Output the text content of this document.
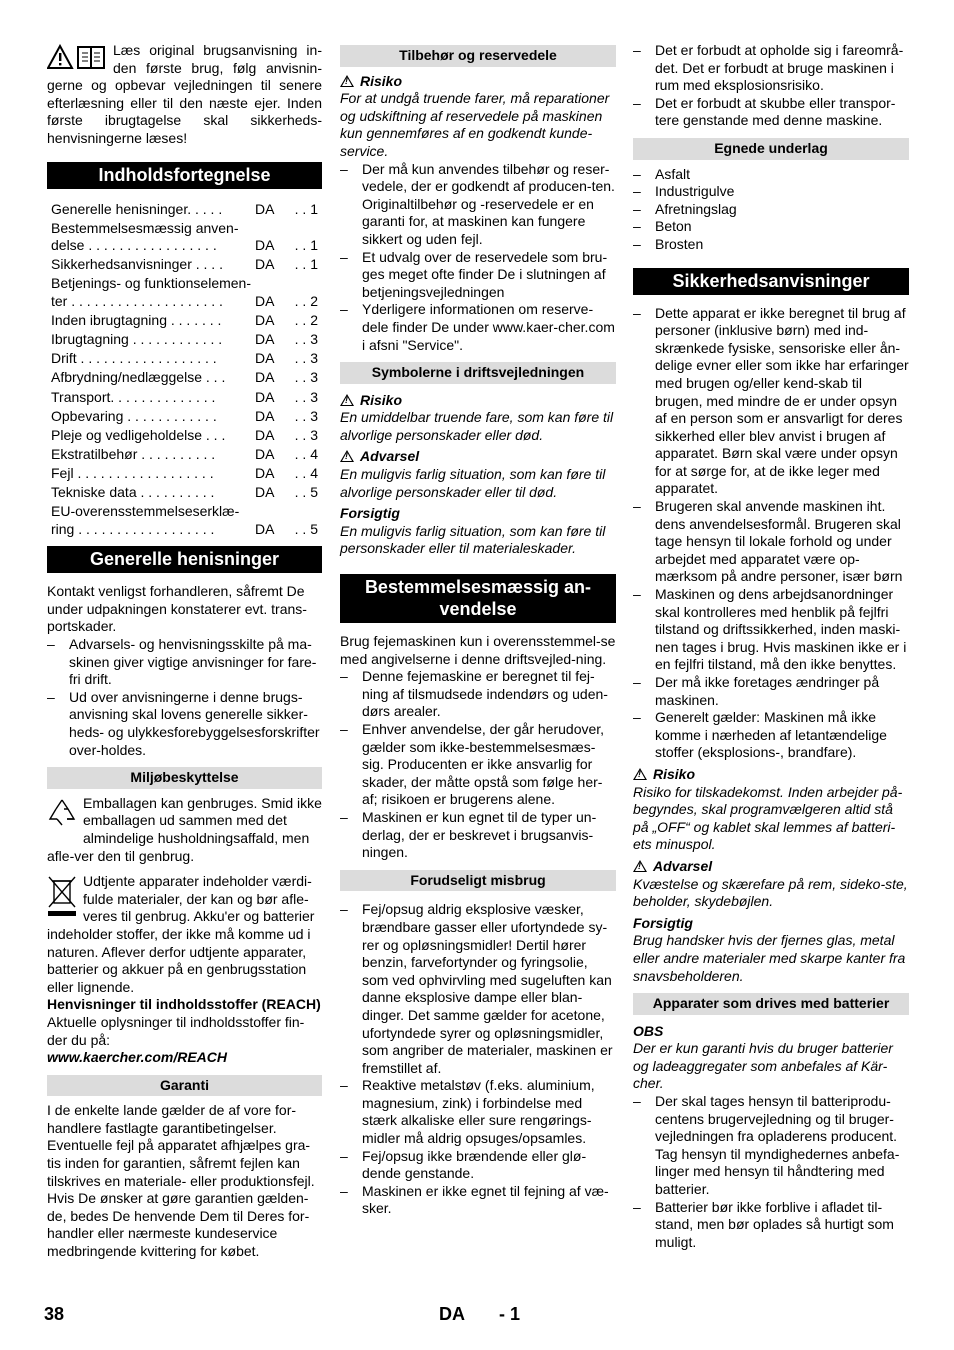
Læs original brugsanvisning in-den første brug, følg anvisnin-gerne og opbevar vejledningen til senere efterlæsning eller til den næste ejer. Inden første ibrugtagelse skal sikkerheds-henvisningerne læses!

Indholdsfortegnelse
Generelle henisninger. . . . .	DA	. . 1
Bestemmelsesmæssig anven-delse . . . . . . . . . . . . . . . . .	DA	. . 1
Sikkerhedsanvisninger . . . .	DA	. . 1
Betjenings- og funktionselemen-ter . . . . . . . . . . . . . . . . . . . .	DA	. . 2
Inden ibrugtagning . . . . . . .	DA	. . 2
Ibrugtagning . . . . . . . . . . . .	DA	. . 3
Drift . . . . . . . . . . . . . . . . . .	DA	. . 3
Afbrydning/nedlæggelse . . .	DA	. . 3
Transport. . . . . . . . . . . . . .	DA	. . 3
Opbevaring . . . . . . . . . . . .	DA	. . 3
Pleje og vedligeholdelse . . .	DA	. . 3
Ekstratilbehør . . . . . . . . . .	DA	. . 4
Fejl . . . . . . . . . . . . . . . . . .	DA	. . 4
Tekniske data . . . . . . . . . .	DA	. . 5
EU-overensstemmelseserklæ-ring . . . . . . . . . . . . . . . . . .	DA	. . 5
Generelle henisninger

Kontakt venligst forhandleren, såfremt De under udpakningen konstaterer evt. trans-portskader.

– Advarsels- og henvisningsskilte på ma-skinen giver vigtige anvisninger for fare-fri drift.
– Ud over anvisningerne i denne brugs-anvisning skal lovens generelle sikker-heds- og ulykkesforebyggelsesforskrifter over-holdes.
Miljøbeskyttelse

Emballagen kan genbruges. Smid ikke emballagen ud sammen med det almindelige husholdningsaffald, men afle-ver den til genbrug.

Udtjente apparater indeholder værdi-fulde materialer, der kan og bør afle-veres til genbrug. Akku'er og batterier indeholder stoffer, der ikke må komme ud i naturen. Aflever derfor udtjente apparater, batterier og akkuer på en genbrugsstation eller lignende.

Henvisninger til indholdsstoffer (REACH)

Aktuelle oplysninger til indholdsstoffer fin-der du på:

www.kaercher.com/REACH

Garanti

I de enkelte lande gælder de af vore for-handlere fastlagte garantibetingelser. Eventuelle fejl på apparatet afhjælpes gra-tis inden for garantien, såfremt fejlen kan tilskrives en materiale- eller produktionsfejl. Hvis De ønsker at gøre garantien gælden-de, bedes De henvende Dem til Deres for-handler eller nærmeste kundeservice medbringende kvittering for købet.

Tilbehør og reservedele

!Risiko

For at undgå truende farer, må reparationer og udskiftning af reservedele på maskinen kun gennemføres af en godkendt kunde-service.

– Der må kun anvendes tilbehør og reser-vedele, der er godkendt af producen-ten. Originaltilbehør og -reservedele er en garanti for, at maskinen kan fungere sikkert og uden fejl.
– Et udvalg over de reservedele som bru-ges meget ofte finder De i slutningen af betjeningsvejledningen
– Yderligere informationen om reserve-dele finder De under www.kaer-cher.com i afsni "Service".
Symbolerne i driftsvejledningen

!Risiko

En umiddelbar truende fare, som kan føre til alvorlige personskader eller død.

!Advarsel

En muligvis farlig situation, som kan føre til alvorlige personskader eller til død.

Forsigtig

En muligvis farlig situation, som kan føre til personskader eller til materialeskader.

Bestemmelsesmæssig an-vendelse

Brug fejemaskinen kun i overensstemmel-se med angivelserne i denne driftsvejled-ning.

– Denne fejemaskine er beregnet til fej-ning af tilsmudsede indendørs og uden-dørs arealer.
– Enhver anvendelse, der går herudover, gælder som ikke-bestemmelsesmæs-sig. Producenten er ikke ansvarlig for skader, der måtte opstå som følge her-af; risikoen er brugerens alene.
– Maskinen er kun egnet til de typer un-derlag, der er beskrevet i brugsanvis-ningen.
Forudseligt misbrug
– Fej/opsug aldrig eksplosive væsker, brændbare gasser eller ufortyndede sy-rer og opløsningsmidler! Dertil hører benzin, farvefortynder og fyringsolie, som ved ophvirvling med sugeluften kan danne eksplosive dampe eller blan-dinger. Det samme gælder for acetone, ufortyndede syrer og opløsningsmidler, som angriber de materialer, maskinen er fremstillet af.
– Reaktive metalstøv (f.eks. aluminium, magnesium, zink) i forbindelse med stærk alkaliske eller sure rengørings-midler må aldrig opsuges/opsamles.
– Fej/opsug ikke brændende eller glø-dende genstande.
– Maskinen er ikke egnet til fejning af væ-sker.
– Det er forbudt at opholde sig i fareområ-det. Det er forbudt at bruge maskinen i rum med eksplosionsrisiko.
– Det er forbudt at skubbe eller transpor-tere genstande med denne maskine.
Egnede underlag
– Asfalt
– Industrigulve
– Afretningslag
– Beton
– Brosten
Sikkerhedsanvisninger
– Dette apparat er ikke beregnet til brug af personer (inklusive børn) med ind-skrænkede fysiske, sensoriske eller ån-delige evner eller som ikke har erfaringer med brugen og/eller kend-skab til brugen, med mindre de er under opsyn af en person som er ansvarligt for deres sikkerhed eller blev anvist i brugen af apparatet. Børn skal være under opsyn for at sørge for, at de ikke leger med apparatet.
– Brugeren skal anvende maskinen iht. dens anvendelsesformål. Brugeren skal tage hensyn til lokale forhold og under arbejdet med apparatet være op-mærksom på andre personer, især børn
– Maskinen og dens arbejdsanordninger skal kontrolleres med henblik på fejlfri tilstand og driftssikkerhed, inden maski-nen tages i brug. Hvis maskinen ikke er i en fejlfri tilstand, må den ikke benyttes.
– Der må ikke foretages ændringer på maskinen.
– Generelt gælder: Maskinen må ikke komme i nærheden af letantændelige stoffer (eksplosions-, brandfare).

!Risiko

Risiko for tilskadekomst. Inden arbejder på-begyndes, skal programvælgeren altid stå på „OFF“ og kablet skal lemmes af batteri-ets minuspol.

!Advarsel

Kvæstelse og skærefare på rem, sideko-ste, beholder, skydebøjlen.

Forsigtig

Brug handsker hvis der fjernes glas, metal eller andre materialer med skarpe kanter fra snavsbeholderen.

Apparater som drives med batterier

OBS

Der er kun garanti hvis du bruger batterier og ladeaggregater som anbefales af Kär-cher.

– Der skal tages hensyn til batteriprodu-centens brugervejledning og til bruger-vejledningen fra opladerens producent. Tag hensyn til myndighedernes anbefa-linger med hensyn til håndtering med batterier.
– Batterier bør ikke forblive i afladet til-stand, men bør oplades så hurtigt som muligt.
38	DA - 1
